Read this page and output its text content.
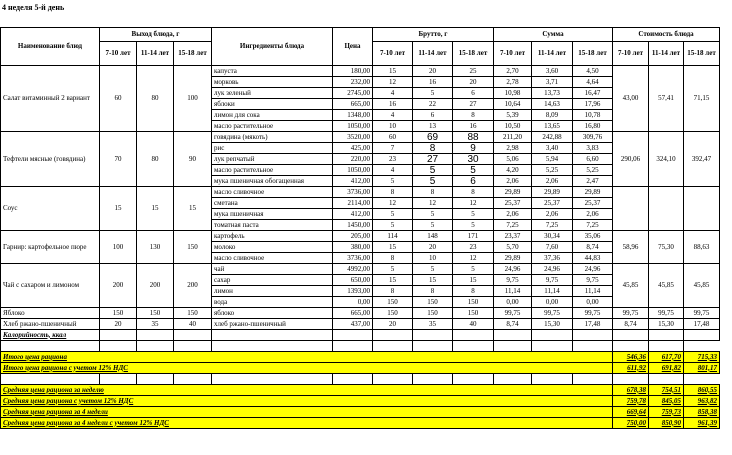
4 неделя 5-й день
Наименование блюд	Выход блюда, г			Ингредиенты блюда	Цена	Брутто, г			Сумма			Стоимость блюда		
	7-10 лет	11-14 лет	15-18 лет			7-10 лет	11-14 лет	15-18 лет	7-10 лет	11-14 лет	15-18 лет	7-10 лет	11-14 лет	15-18 лет
Салат витаминный 2 вариант	60	80	100	капуста	180,00	15	20	25	2,70	3,60	4,50	43,00	57,41	71,15
				морковь	232,00	12	16	20	2,78	3,71	4,64			
				лук зеленый	2745,00	4	5	6	10,98	13,73	16,47			
				яблоки	665,00	16	22	27	10,64	14,63	17,96			
				лимон для сока	1348,00	4	6	8	5,39	8,09	10,78			
				масло растительное	1050,00	10	13	16	10,50	13,65	16,80			
Тефтели мясные (говядина)	70	80	90	говядина (мякоть)	3520,00	60	69	88	211,20	242,88	309,76	290,06	324,10	392,47
				рис	425,00	7	8	9	2,98	3,40	3,83			
				лук репчатый	220,00	23	27	30	5,06	5,94	6,60			
				масло растительное	1050,00	4	5	5	4,20	5,25	5,25			
				мука пшеничная обогащенная	412,00	5	5	6	2,06	2,06	2,47			
Соус	15	15	15	масло сливочное	3736,00	8	8	8	29,89	29,89	29,89			
				сметана	2114,00	12	12	12	25,37	25,37	25,37			
				мука пшеничная	412,00	5	5	5	2,06	2,06	2,06			
				томатная паста	1450,00	5	5	5	7,25	7,25	7,25			
Гарнир: картофельное пюре	100	130	150	картофель	205,00	114	148	171	23,37	30,34	35,06	58,96	75,30	88,63
				молоко	380,00	15	20	23	5,70	7,60	8,74			
				масло сливочное	3736,00	8	10	12	29,89	37,36	44,83			
Чай с сахаром и лимоном	200	200	200	чай	4992,00	5	5	5	24,96	24,96	24,96	45,85	45,85	45,85
				сахар	650,00	15	15	15	9,75	9,75	9,75			
				лимон	1393,00	8	8	8	11,14	11,14	11,14			
				вода	0,00	150	150	150	0,00	0,00	0,00			
Яблоко	150	150	150	яблоко	665,00	150	150	150	99,75	99,75	99,75	99,75	99,75	99,75
Хлеб ржано-пшеничный	20	35	40	хлеб ржано-пшеничный	437,00	20	35	40	8,74	15,30	17,48	8,74	15,30	17,48
Калорийность, ккал														

Итого цена рациона												546,36	617,70	715,33
Итого цена рациона с учетом 12% НДС												611,92	691,82	801,17

Средняя цена рациона за неделю												678,38	754,51	860,55
Средняя цена рациона с учетом 12% НДС												759,78	845,05	963,82
Средняя цена рациона за 4 недели												669,64	759,73	858,38
Средняя цена рациона за 4 недели с учетом 12% НДС												750,00	850,90	961,39
